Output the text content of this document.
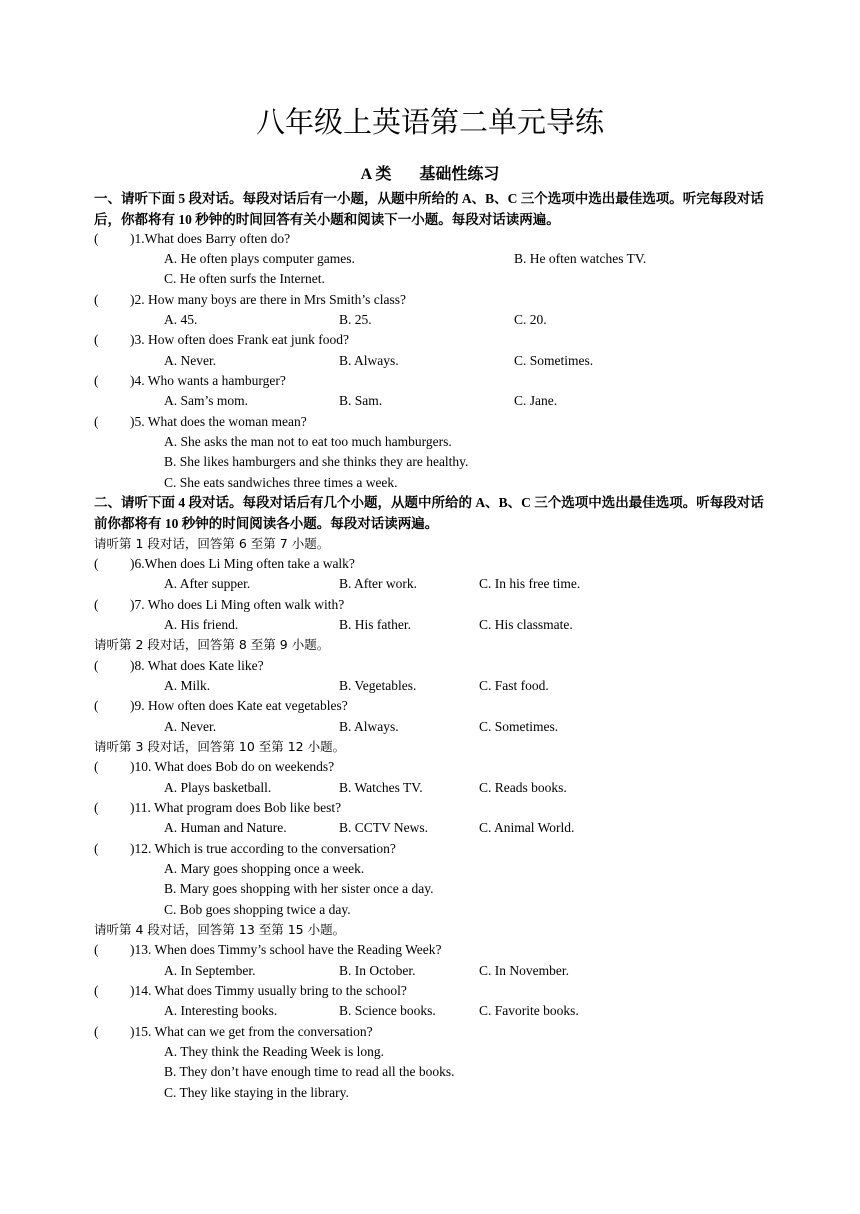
八年级上英语第二单元导练
A 类 基础性练习

一、请听下面 5 段对话。每段对话后有一小题，从题中所给的 A、B、C 三个选项中选出最佳选项。听完每段对话后，你都将有 10 秒钟的时间回答有关小题和阅读下一小题。每段对话读两遍。

( )1.What does Barry often do?
A. He often plays computer games.	B. He often watches TV.
C. He often surfs the Internet.
( )2. How many boys are there in Mrs Smith’s class?
A. 45.	B. 25.	C. 20.
( )3. How often does Frank eat junk food?
A. Never.	B. Always.	C. Sometimes.
( )4. Who wants a hamburger?
A. Sam’s mom.	B. Sam.	C. Jane.
( )5. What does the woman mean?
A. She asks the man not to eat too much hamburgers.
B. She likes hamburgers and she thinks they are healthy.
C. She eats sandwiches three times a week.

二、请听下面 4 段对话。每段对话后有几个小题，从题中所给的 A、B、C 三个选项中选出最佳选项。听每段对话前你都将有 10 秒钟的时间阅读各小题。每段对话读两遍。

请听第 1 段对话，回答第 6 至第 7 小题。
( )6.When does Li Ming often take a walk?
A. After supper.	B. After work.	C. In his free time.
( )7. Who does Li Ming often walk with?
A. His friend.	B. His father.	C. His classmate.
请听第 2 段对话，回答第 8 至第 9 小题。
( )8. What does Kate like?
A. Milk.	B. Vegetables.	C. Fast food.
( )9. How often does Kate eat vegetables?
A. Never.	B. Always.	C. Sometimes.
请听第 3 段对话，回答第 10 至第 12 小题。
( )10. What does Bob do on weekends?
A. Plays basketball.	B. Watches TV.	C. Reads books.
( )11. What program does Bob like best?
A. Human and Nature.	B. CCTV News.	C. Animal World.
( )12. Which is true according to the conversation?
A. Mary goes shopping once a week.
B. Mary goes shopping with her sister once a day.
C. Bob goes shopping twice a day.
请听第 4 段对话，回答第 13 至第 15 小题。
( )13. When does Timmy’s school have the Reading Week?
A. In September.	B. In October.	C. In November.
( )14. What does Timmy usually bring to the school?
A. Interesting books.	B. Science books.	C. Favorite books.
( )15. What can we get from the conversation?
A. They think the Reading Week is long.
B. They don’t have enough time to read all the books.
C. They like staying in the library.
